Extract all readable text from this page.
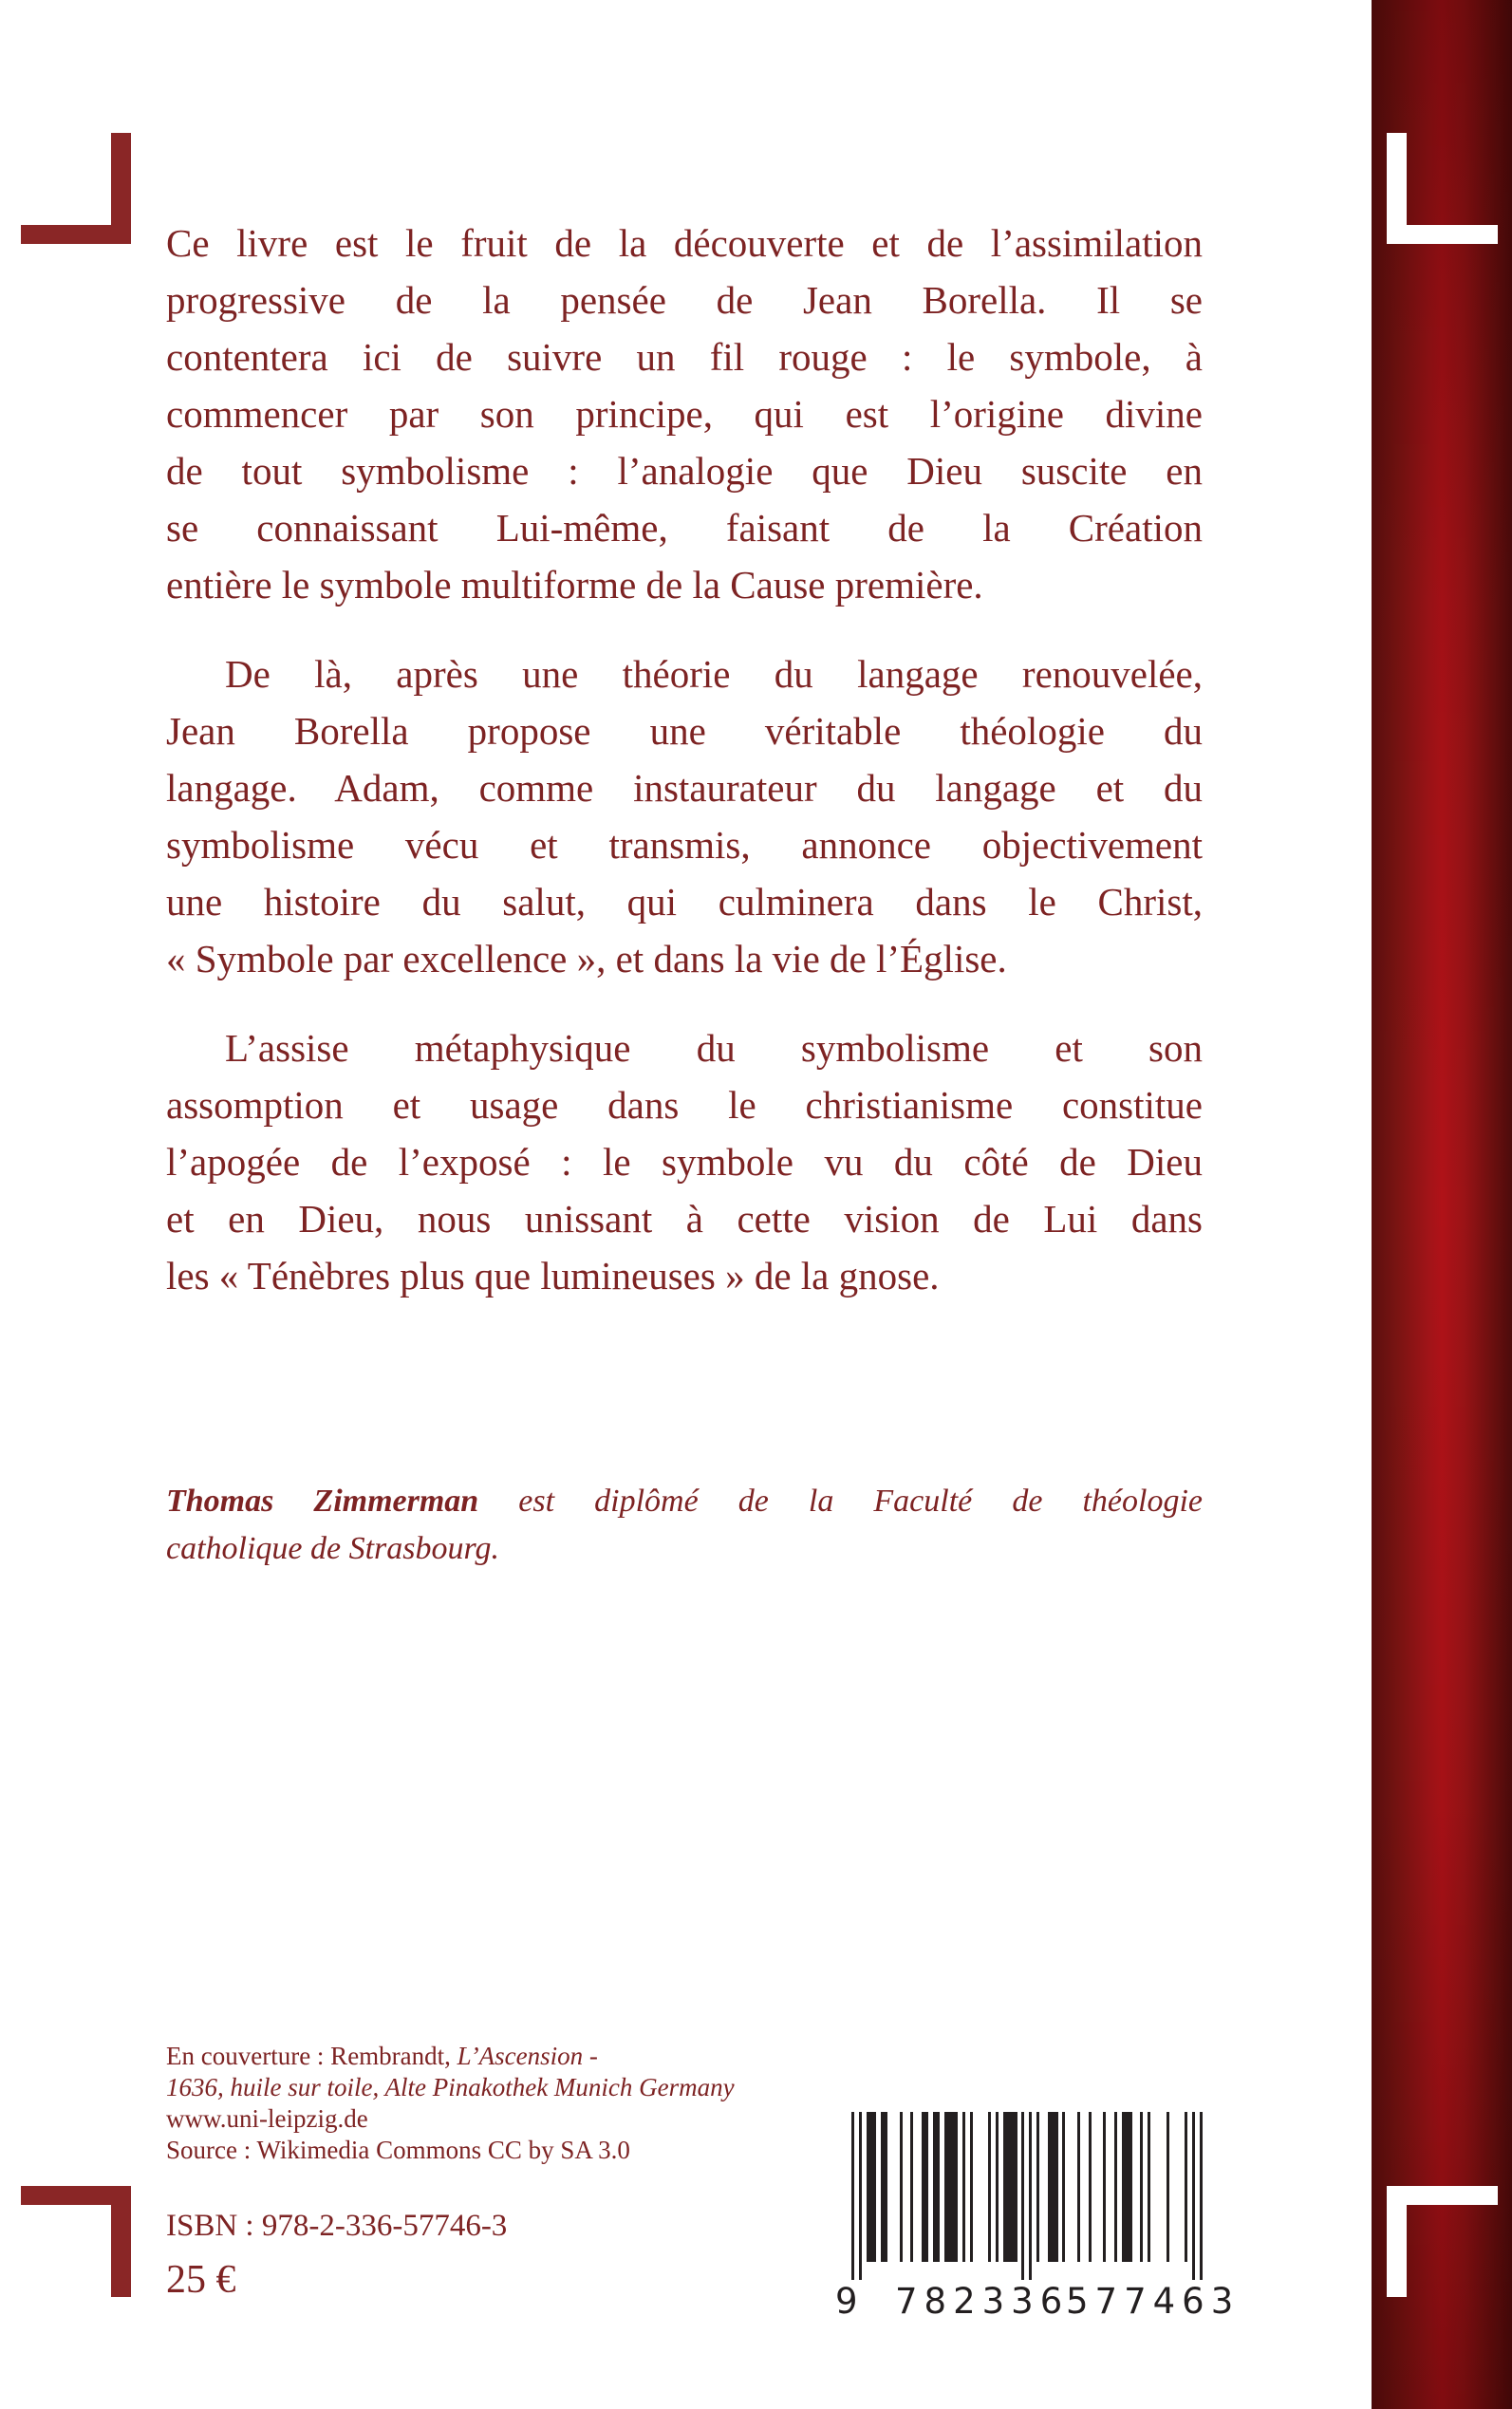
Ce livre est le fruit de la découverte et de l’assimilation
progressive de la pensée de Jean Borella. Il se
contentera ici de suivre un fil rouge : le symbole, à
commencer par son principe, qui est l’origine divine
de tout symbolisme : l’analogie que Dieu suscite en
se connaissant Lui-même, faisant de la Création
entière le symbole multiforme de la Cause première.

De là, après une théorie du langage renouvelée,
Jean Borella propose une véritable théologie du
langage. Adam, comme instaurateur du langage et du
symbolisme vécu et transmis, annonce objectivement
une histoire du salut, qui culminera dans le Christ,
« Symbole par excellence », et dans la vie de l’Église.

L’assise métaphysique du symbolisme et son
assomption et usage dans le christianisme constitue
l’apogée de l’exposé : le symbole vu du côté de Dieu
et en Dieu, nous unissant à cette vision de Lui dans
les « Ténèbres plus que lumineuses » de la gnose.

Thomas Zimmerman est diplômé de la Faculté de théologie
catholique de Strasbourg.
En couverture : Rembrandt, L’Ascension -
1636, huile sur toile, Alte Pinakothek Munich Germany
www.uni-leipzig.de
Source : Wikimedia Commons CC by SA 3.0
ISBN : 978-2-336-57746-3
25 €	9 782336
577463
